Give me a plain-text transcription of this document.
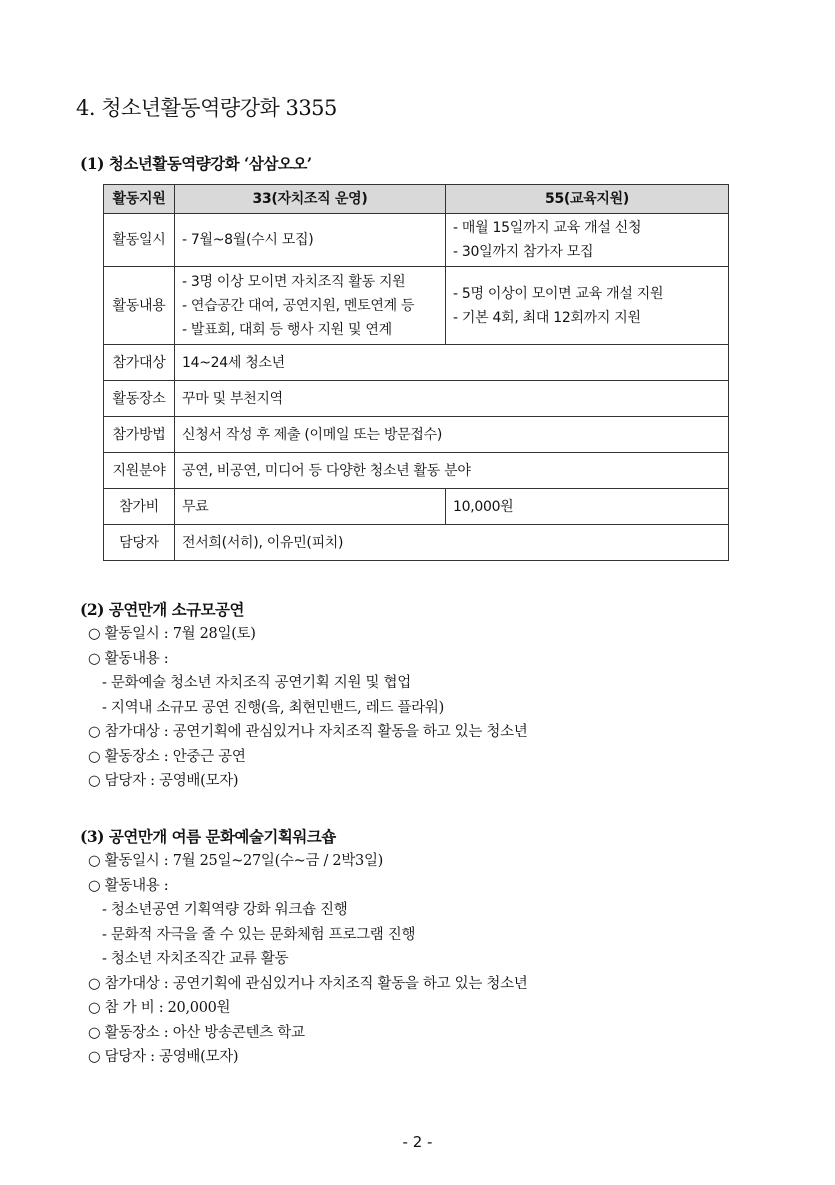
4. 청소년활동역량강화 3355
(1) 청소년활동역량강화 ‘삼삼오오’
활동지원	33(자치조직 운영)	55(교육지원)
활동일시	- 7월~8월(수시 모집)	- 매월 15일까지 교육 개설 신청
- 30일까지 참가자 모집

활동내용	- 3명 이상 모이면 자치조직 활동 지원
- 연습공간 대여, 공연지원, 멘토연계 등
- 발표회, 대회 등 행사 지원 및 연계	- 5명 이상이 모이면 교육 개설 지원
- 기본 4회, 최대 12회까지 지원

참가대상	14~24세 청소년	
활동장소	꾸마 및 부천지역	
참가방법	신청서 작성 후 제출 (이메일 또는 방문접수)	
지원분야	공연, 비공연, 미디어 등 다양한 청소년 활동 분야	
참가비	무료	10,000원
담당자	전서희(서히), 이유민(피치)	
(2) 공연만개 소규모공연
○ 활동일시 : 7월 28일(토)
○ 활동내용 :
- 문화예술 청소년 자치조직 공연기획 지원 및 협업
- 지역내 소규모 공연 진행(읔, 최현민밴드, 레드 플라워)
○ 참가대상 : 공연기획에 관심있거나 자치조직 활동을 하고 있는 청소년
○ 활동장소 : 안중근 공연
○ 담당자 : 공영배(모자)
(3) 공연만개 여름 문화예술기획워크숍
○ 활동일시 : 7월 25일~27일(수~금 / 2박3일)
○ 활동내용 :
- 청소년공연 기획역량 강화 워크숍 진행
- 문화적 자극을 줄 수 있는 문화체험 프로그램 진행
- 청소년 자치조직간 교류 활동
○ 참가대상 : 공연기획에 관심있거나 자치조직 활동을 하고 있는 청소년
○ 참 가 비 : 20,000원
○ 활동장소 : 아산 방송콘텐츠 학교
○ 담당자 : 공영배(모자)
- 2 -
